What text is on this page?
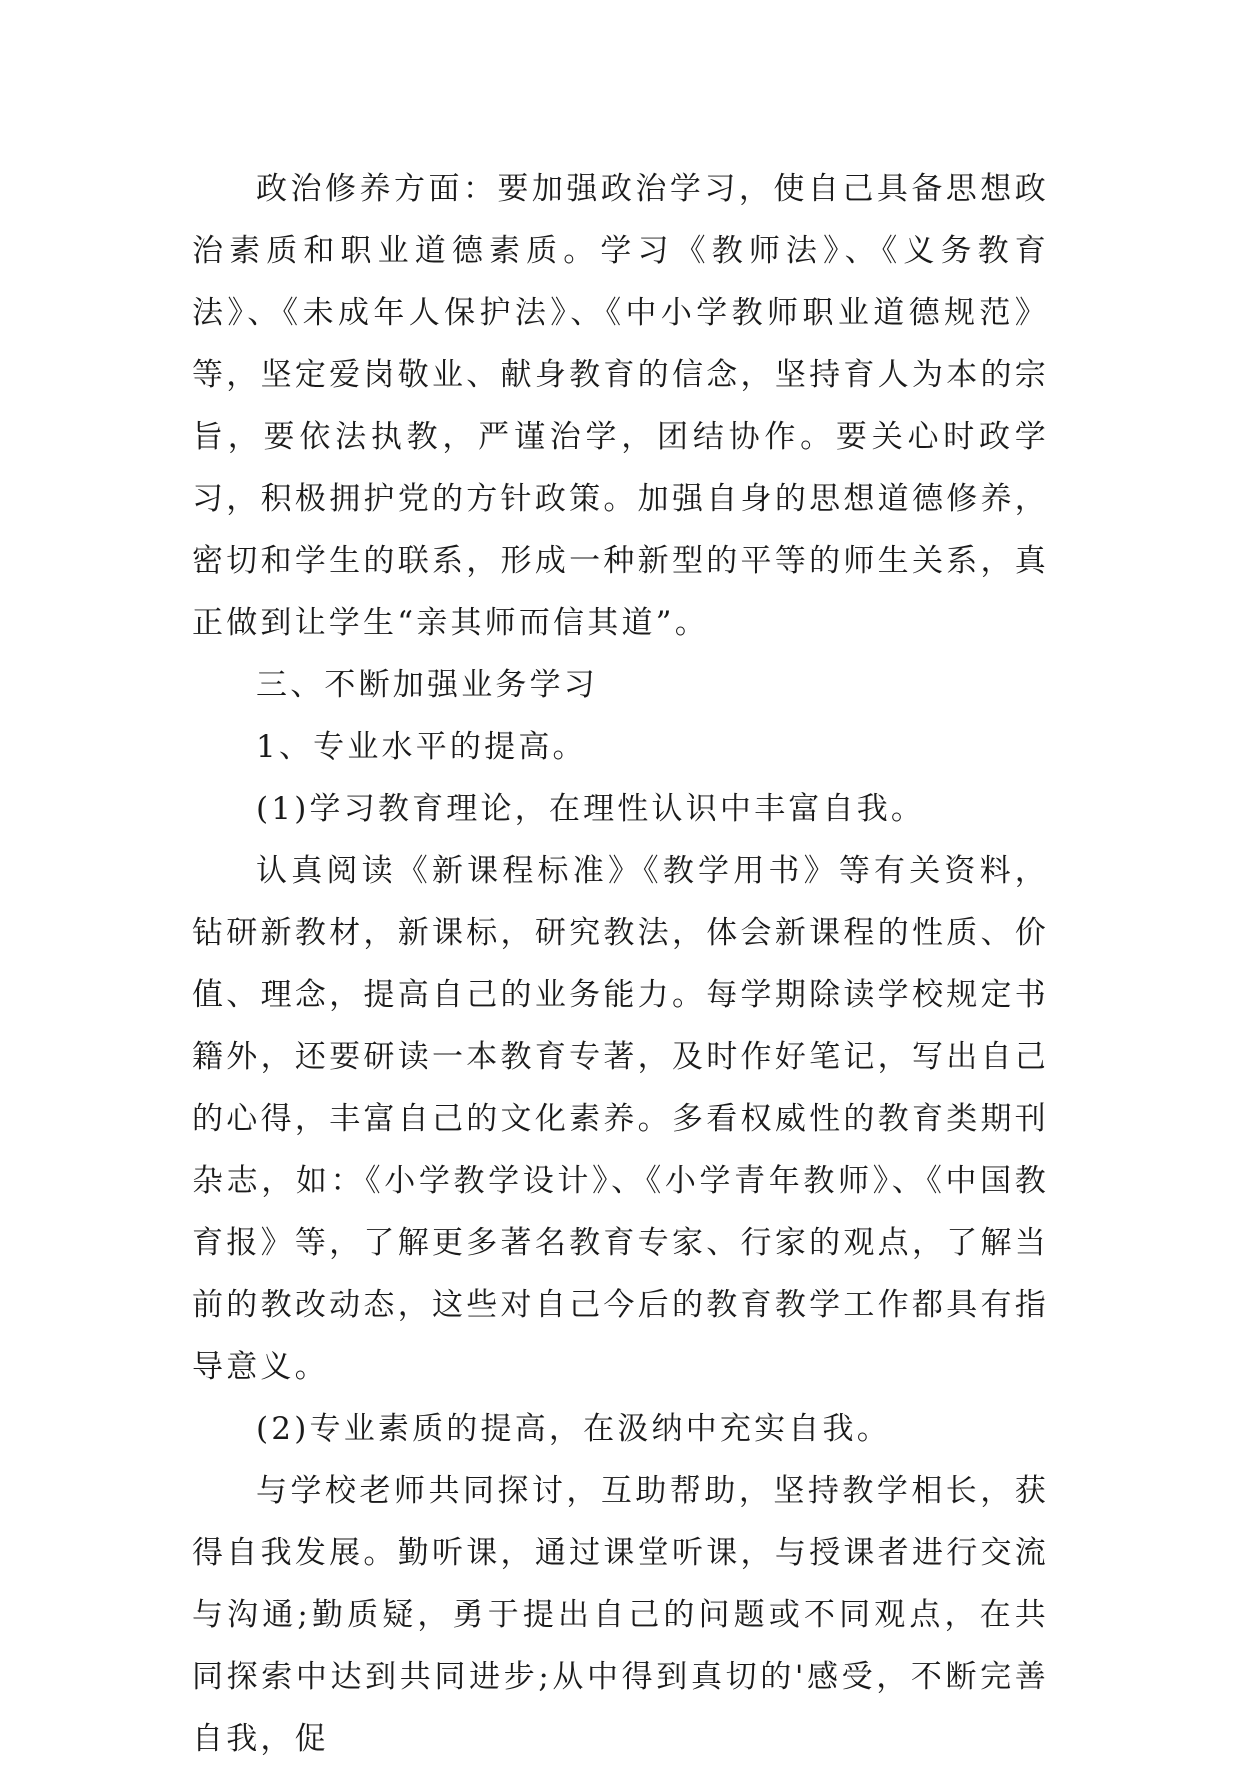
政治修养方面：要加强政治学习，使自己具备思想政治素质和职业道德素质。学习《教师法》、《义务教育法》、《未成年人保护法》、《中小学教师职业道德规范》等，坚定爱岗敬业、献身教育的信念，坚持育人为本的宗旨，要依法执教，严谨治学，团结协作。要关心时政学习，积极拥护党的方针政策。加强自身的思想道德修养，密切和学生的联系，形成一种新型的平等的师生关系，真正做到让学生“亲其师而信其道”。

三、不断加强业务学习

1、专业水平的提高。

(1)学习教育理论，在理性认识中丰富自我。

认真阅读《新课程标准》《教学用书》等有关资料，钻研新教材，新课标，研究教法，体会新课程的性质、价值、理念，提高自己的业务能力。每学期除读学校规定书籍外，还要研读一本教育专著，及时作好笔记，写出自己的心得，丰富自己的文化素养。多看权威性的教育类期刊杂志，如：《小学教学设计》、《小学青年教师》、《中国教育报》等，了解更多著名教育专家、行家的观点，了解当前的教改动态，这些对自己今后的教育教学工作都具有指导意义。

(2)专业素质的提高，在汲纳中充实自我。

与学校老师共同探讨，互助帮助，坚持教学相长，获得自我发展。勤听课，通过课堂听课，与授课者进行交流与沟通;勤质疑，勇于提出自己的问题或不同观点，在共同探索中达到共同进步;从中得到真切的'感受，不断完善自我，促
